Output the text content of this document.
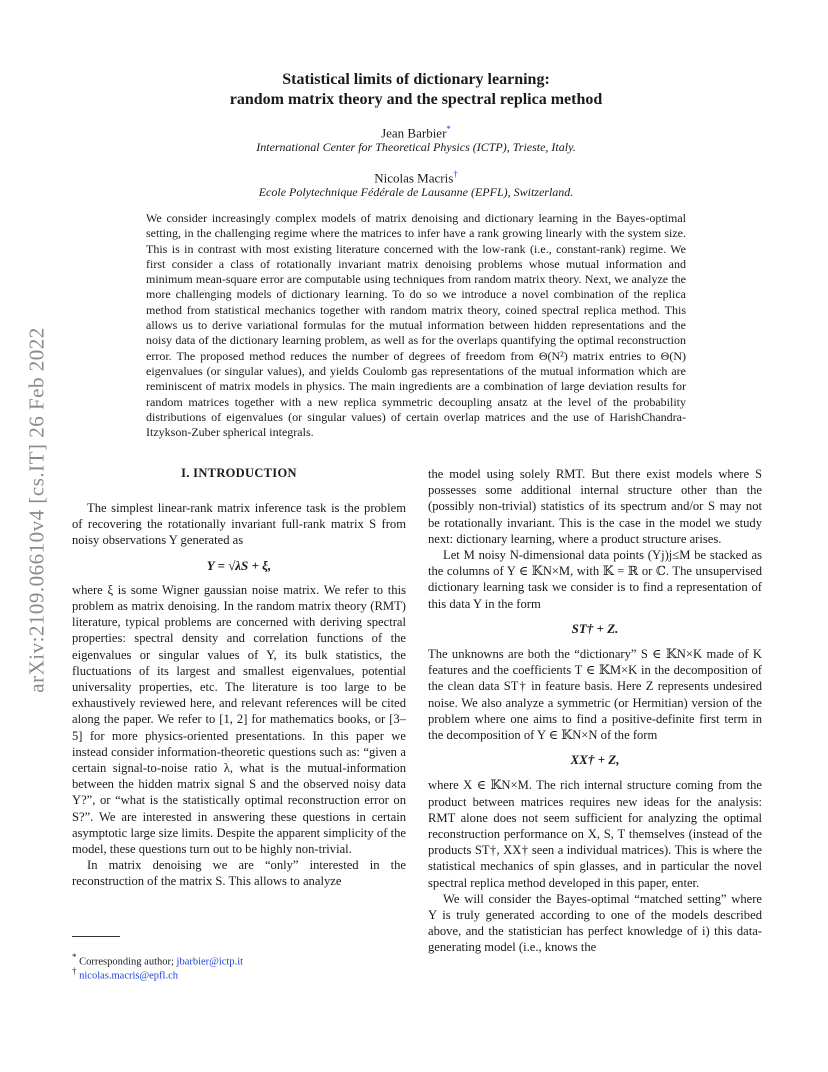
arXiv:2109.06610v4 [cs.IT] 26 Feb 2022
Statistical limits of dictionary learning:
random matrix theory and the spectral replica method
Jean Barbier*
International Center for Theoretical Physics (ICTP), Trieste, Italy.
Nicolas Macris†
Ecole Polytechnique Fédérale de Lausanne (EPFL), Switzerland.
We consider increasingly complex models of matrix denoising and dictionary learning in the Bayes-optimal setting, in the challenging regime where the matrices to infer have a rank growing linearly with the system size. This is in contrast with most existing literature concerned with the low-rank (i.e., constant-rank) regime. We first consider a class of rotationally invariant matrix denoising problems whose mutual information and minimum mean-square error are computable using techniques from random matrix theory. Next, we analyze the more challenging models of dictionary learning. To do so we introduce a novel combination of the replica method from statistical mechanics together with random matrix theory, coined spectral replica method. This allows us to derive variational formulas for the mutual information between hidden representations and the noisy data of the dictionary learning problem, as well as for the overlaps quantifying the optimal reconstruction error. The proposed method reduces the number of degrees of freedom from Θ(N²) matrix entries to Θ(N) eigenvalues (or singular values), and yields Coulomb gas representations of the mutual information which are reminiscent of matrix models in physics. The main ingredients are a combination of large deviation results for random matrices together with a new replica symmetric decoupling ansatz at the level of the probability distributions of eigenvalues (or singular values) of certain overlap matrices and the use of HarishChandra-Itzykson-Zuber spherical integrals.
I. INTRODUCTION

The simplest linear-rank matrix inference task is the problem of recovering the rotationally invariant full-rank matrix S from noisy observations Y generated as

Y = √λS + ξ,

where ξ is some Wigner gaussian noise matrix. We refer to this problem as matrix denoising. In the random matrix theory (RMT) literature, typical problems are concerned with deriving spectral properties: spectral density and correlation functions of the eigenvalues or singular values of Y, its bulk statistics, the fluctuations of its largest and smallest eigenvalues, potential universality properties, etc. The literature is too large to be exhaustively reviewed here, and relevant references will be cited along the paper. We refer to [1, 2] for mathematics books, or [3–5] for more physics-oriented presentations. In this paper we instead consider information-theoretic questions such as: “given a certain signal-to-noise ratio λ, what is the mutual-information between the hidden matrix signal S and the observed noisy data Y?”, or “what is the statistically optimal reconstruction error on S?”. We are interested in answering these questions in certain asymptotic large size limits. Despite the apparent simplicity of the model, these questions turn out to be highly non-trivial.

In matrix denoising we are “only” interested in the reconstruction of the matrix S. This allows to analyze

* Corresponding author; jbarbier@ictp.it
† nicolas.macris@epfl.ch

the model using solely RMT. But there exist models where S possesses some additional internal structure other than the (possibly non-trivial) statistics of its spectrum and/or S may not be rotationally invariant. This is the case in the model we study next: dictionary learning, where a product structure arises.

Let M noisy N-dimensional data points (Yj)j≤M be stacked as the columns of Y ∈ 𝕂N×M, with 𝕂 = ℝ or ℂ. The unsupervised dictionary learning task we consider is to find a representation of this data Y in the form

ST† + Z.

The unknowns are both the “dictionary” S ∈ 𝕂N×K made of K features and the coefficients T ∈ 𝕂M×K in the decomposition of the clean data ST† in feature basis. Here Z represents undesired noise. We also analyze a symmetric (or Hermitian) version of the problem where one aims to find a positive-definite first term in the decomposition of Y ∈ 𝕂N×N of the form

XX† + Z,

where X ∈ 𝕂N×M. The rich internal structure coming from the product between matrices requires new ideas for the analysis: RMT alone does not seem sufficient for analyzing the optimal reconstruction performance on X, S, T themselves (instead of the products ST†, XX† seen a individual matrices). This is where the statistical mechanics of spin glasses, and in particular the novel spectral replica method developed in this paper, enter.

We will consider the Bayes-optimal “matched setting” where Y is truly generated according to one of the models described above, and the statistician has perfect knowledge of i) this data-generating model (i.e., knows the
